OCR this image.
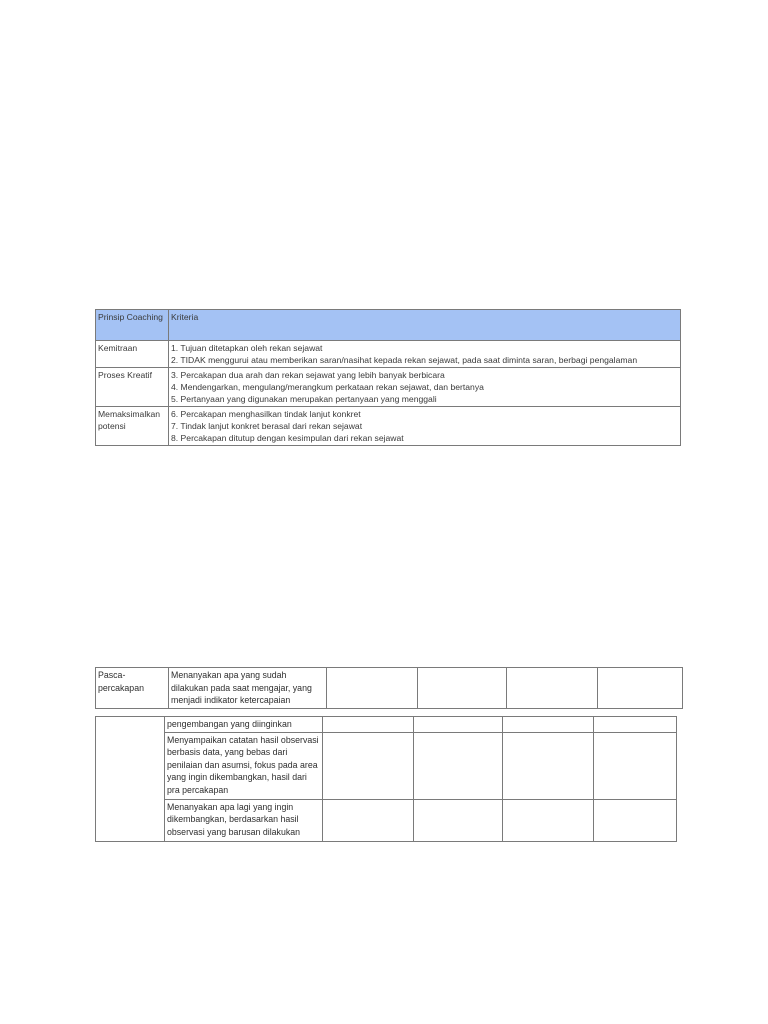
Prinsip Coaching	Kriteria
Kemitraan	1. Tujuan ditetapkan oleh rekan sejawat
2. TIDAK menggurui atau memberikan saran/nasihat kepada rekan sejawat, pada saat diminta saran, berbagi pengalaman

Proses Kreatif	3. Percakapan dua arah dan rekan sejawat yang lebih banyak berbicara
4. Mendengarkan, mengulang/merangkum perkataan rekan sejawat, dan bertanya
5. Pertanyaan yang digunakan merupakan pertanyaan yang menggali

Memaksimalkan potensi	6. Percakapan menghasilkan tindak lanjut konkret
7. Tindak lanjut konkret berasal dari rekan sejawat
8. Percakapan ditutup dengan kesimpulan dari rekan sejawat
Pasca-percakapan	Menanyakan apa yang sudah dilakukan pada saat mengajar, yang menjadi indikator ketercapaian				
	pengembangan yang diinginkan				
	Menyampaikan catatan hasil observasi berbasis data, yang bebas dari penilaian dan asumsi, fokus pada area yang ingin dikembangkan, hasil dari pra percakapan				
	Menanyakan apa lagi yang ingin dikembangkan, berdasarkan hasil observasi yang barusan dilakukan				
